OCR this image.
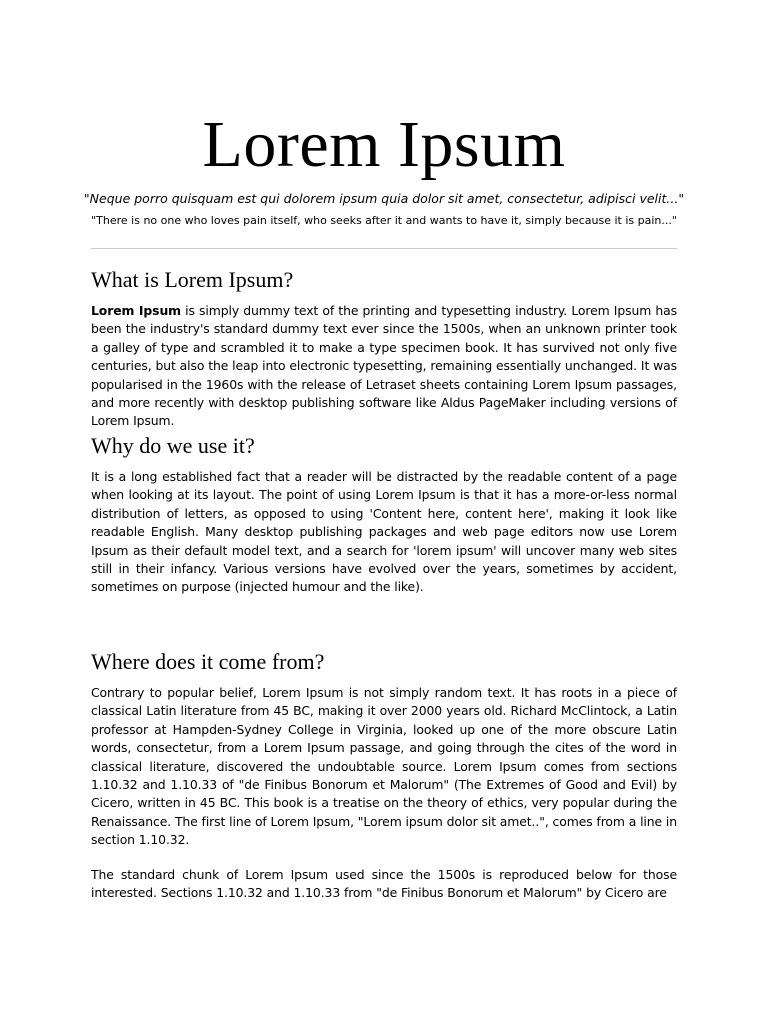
Lorem Ipsum

"Neque porro quisquam est qui dolorem ipsum quia dolor sit amet, consectetur, adipisci velit..."

"There is no one who loves pain itself, who seeks after it and wants to have it, simply because it is pain..."

What is Lorem Ipsum?

Lorem Ipsum is simply dummy text of the printing and typesetting industry. Lorem Ipsum has been the industry's standard dummy text ever since the 1500s, when an unknown printer took a galley of type and scrambled it to make a type specimen book. It has survived not only five centuries, but also the leap into electronic typesetting, remaining essentially unchanged. It was popularised in the 1960s with the release of Letraset sheets containing Lorem Ipsum passages, and more recently with desktop publishing software like Aldus PageMaker including versions of Lorem Ipsum.

Why do we use it?

It is a long established fact that a reader will be distracted by the readable content of a page when looking at its layout. The point of using Lorem Ipsum is that it has a more-or-less normal distribution of letters, as opposed to using 'Content here, content here', making it look like readable English. Many desktop publishing packages and web page editors now use Lorem Ipsum as their default model text, and a search for 'lorem ipsum' will uncover many web sites still in their infancy. Various versions have evolved over the years, sometimes by accident, sometimes on purpose (injected humour and the like).

Where does it come from?

Contrary to popular belief, Lorem Ipsum is not simply random text. It has roots in a piece of classical Latin literature from 45 BC, making it over 2000 years old. Richard McClintock, a Latin professor at Hampden-Sydney College in Virginia, looked up one of the more obscure Latin words, consectetur, from a Lorem Ipsum passage, and going through the cites of the word in classical literature, discovered the undoubtable source. Lorem Ipsum comes from sections 1.10.32 and 1.10.33 of "de Finibus Bonorum et Malorum" (The Extremes of Good and Evil) by Cicero, written in 45 BC. This book is a treatise on the theory of ethics, very popular during the Renaissance. The first line of Lorem Ipsum, "Lorem ipsum dolor sit amet..", comes from a line in section 1.10.32.

The standard chunk of Lorem Ipsum used since the 1500s is reproduced below for those interested. Sections 1.10.32 and 1.10.33 from "de Finibus Bonorum et Malorum" by Cicero are
